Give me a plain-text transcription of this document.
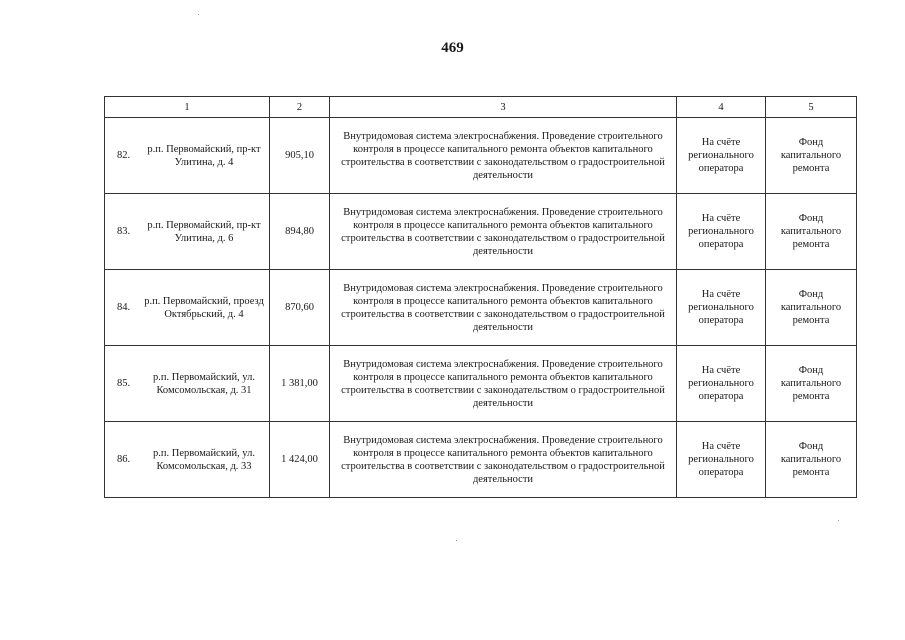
469
1	2	3	4	5

82.
р.п. Первомайский, пр-кт Улитина, д. 4	905,10	Внутридомовая система электроснабжения. Проведение строительного контроля в процессе капитального ремонта объектов капитального строительства в соответствии с законодательством о градостроительной деятельности	На счёте регионального оператора	Фонд капитального ремонта

83.
р.п. Первомайский, пр-кт Улитина, д. 6	894,80	Внутридомовая система электроснабжения. Проведение строительного контроля в процессе капитального ремонта объектов капитального строительства в соответствии с законодательством о градостроительной деятельности	На счёте регионального оператора	Фонд капитального ремонта

84.
р.п. Первомайский, проезд Октябрьский, д. 4	870,60	Внутридомовая система электроснабжения. Проведение строительного контроля в процессе капитального ремонта объектов капитального строительства в соответствии с законодательством о градостроительной деятельности	На счёте регионального оператора	Фонд капитального ремонта

85.
р.п. Первомайский, ул. Комсомольская, д. 31	1 381,00	Внутридомовая система электроснабжения. Проведение строительного контроля в процессе капитального ремонта объектов капитального строительства в соответствии с законодательством о градостроительной деятельности	На счёте регионального оператора	Фонд капитального ремонта

86.
р.п. Первомайский, ул. Комсомольская, д. 33	1 424,00	Внутридомовая система электроснабжения. Проведение строительного контроля в процессе капитального ремонта объектов капитального строительства в соответствии с законодательством о градостроительной деятельности	На счёте регионального оператора	Фонд капитального ремонта
